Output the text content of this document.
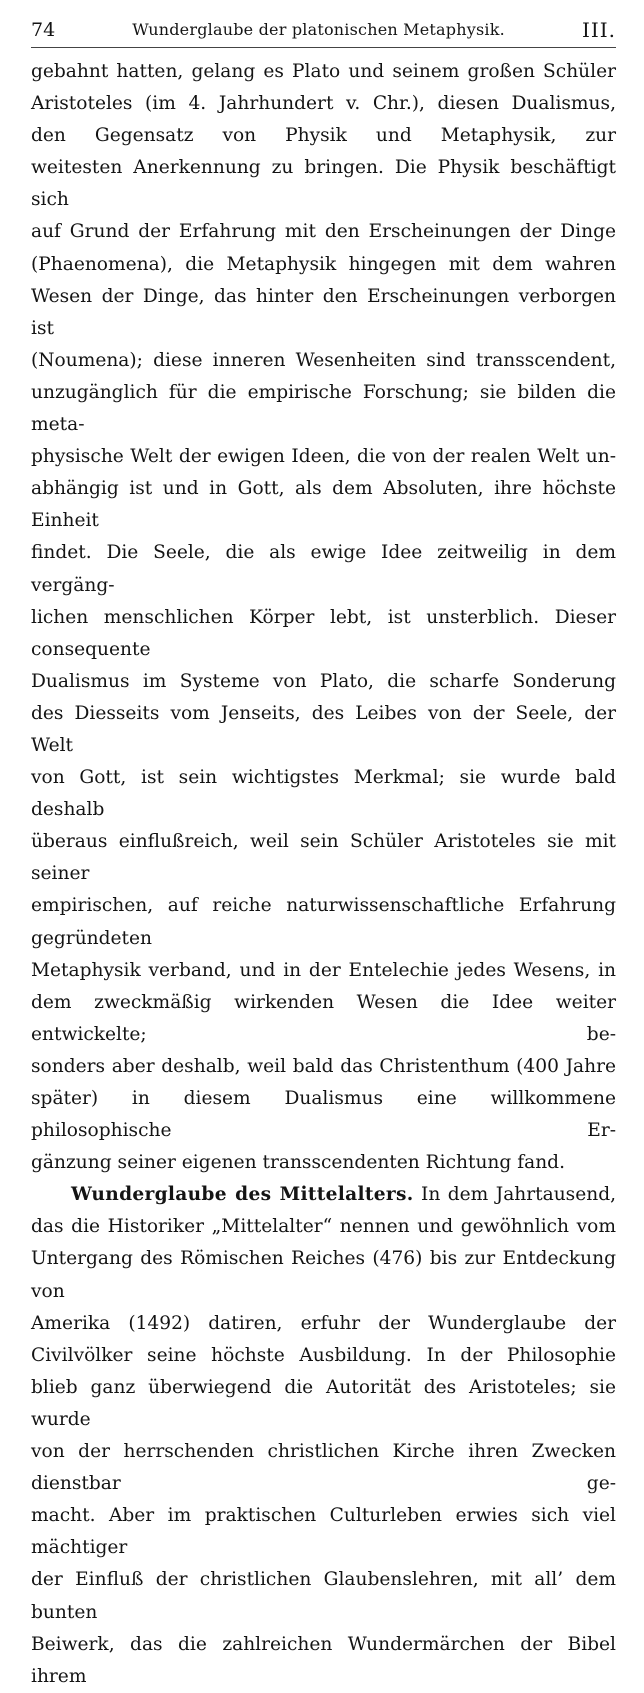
74	Wunderglaube der platonischen Metaphysik.	III.

gebahnt hatten, gelang es Plato und seinem großen Schüler

Aristoteles (im 4. Jahrhundert v. Chr.), diesen Dualismus,

den Gegensatz von Physik und Metaphysik, zur

weitesten Anerkennung zu bringen. Die Physik beschäftigt sich

auf Grund der Erfahrung mit den Erscheinungen der Dinge

(Phaenomena), die Metaphysik hingegen mit dem wahren

Wesen der Dinge, das hinter den Erscheinungen verborgen ist

(Noumena); diese inneren Wesenheiten sind transscendent,

unzugänglich für die empirische Forschung; sie bilden die meta-

physische Welt der ewigen Ideen, die von der realen Welt un-

abhängig ist und in Gott, als dem Absoluten, ihre höchste Einheit

findet. Die Seele, die als ewige Idee zeitweilig in dem vergäng-

lichen menschlichen Körper lebt, ist unsterblich. Dieser consequente

Dualismus im Systeme von Plato, die scharfe Sonderung

des Diesseits vom Jenseits, des Leibes von der Seele, der Welt

von Gott, ist sein wichtigstes Merkmal; sie wurde bald deshalb

überaus einflußreich, weil sein Schüler Aristoteles sie mit seiner

empirischen, auf reiche naturwissenschaftliche Erfahrung gegründeten

Metaphysik verband, und in der Entelechie jedes Wesens, in

dem zweckmäßig wirkenden Wesen die Idee weiter entwickelte; be-

sonders aber deshalb, weil bald das Christenthum (400 Jahre

später) in diesem Dualismus eine willkommene philosophische Er-

gänzung seiner eigenen transscendenten Richtung fand.

Wunderglaube des Mittelalters. In dem Jahrtausend,

das die Historiker „Mittelalter“ nennen und gewöhnlich vom

Untergang des Römischen Reiches (476) bis zur Entdeckung von

Amerika (1492) datiren, erfuhr der Wunderglaube der

Civilvölker seine höchste Ausbildung. In der Philosophie

blieb ganz überwiegend die Autorität des Aristoteles; sie wurde

von der herrschenden christlichen Kirche ihren Zwecken dienstbar ge-

macht. Aber im praktischen Culturleben erwies sich viel mächtiger

der Einfluß der christlichen Glaubenslehren, mit all’ dem bunten

Beiwerk, das die zahlreichen Wundermärchen der Bibel ihrem
